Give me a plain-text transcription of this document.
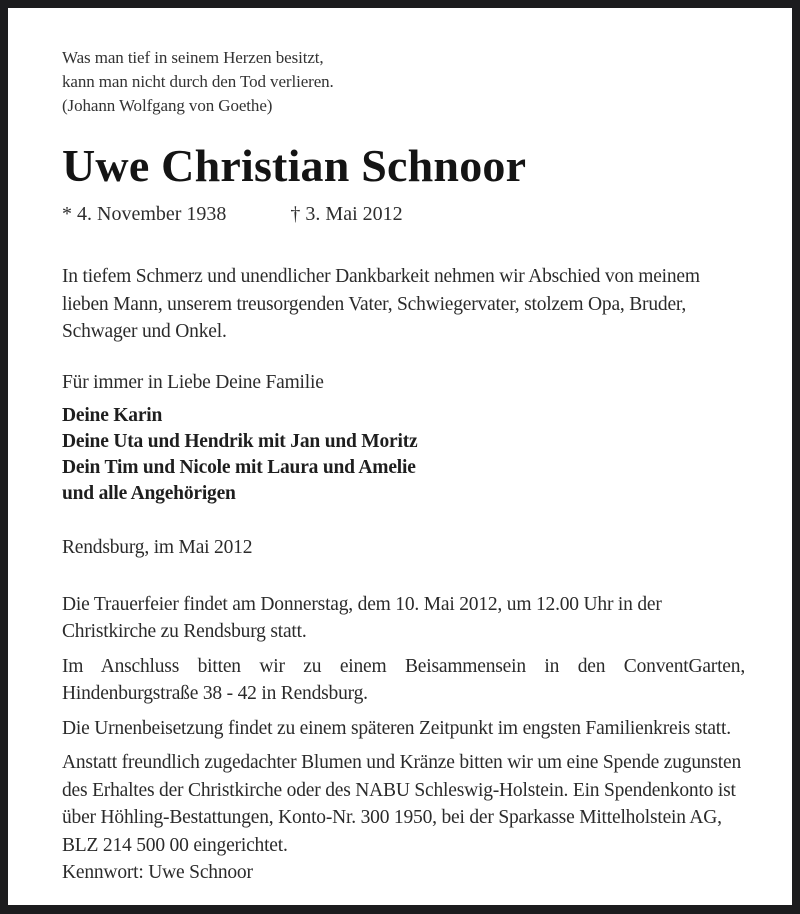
Was man tief in seinem Herzen besitzt,
kann man nicht durch den Tod verlieren.
(Johann Wolfgang von Goethe)
Uwe Christian Schnoor
* 4. November 1938	† 3. Mai 2012

In tiefem Schmerz und unendlicher Dankbarkeit nehmen wir Abschied von meinem lieben Mann, unserem treusorgenden Vater, Schwiegervater, stolzem Opa, Bruder, Schwager und Onkel.

Für immer in Liebe Deine Familie

Deine Karin
Deine Uta und Hendrik mit Jan und Moritz
Dein Tim und Nicole mit Laura und Amelie
und alle Angehörigen

Rendsburg, im Mai 2012

Die Trauerfeier findet am Donnerstag, dem 10. Mai 2012, um 12.00 Uhr in der Christkirche zu Rendsburg statt.

Im Anschluss bitten wir zu einem Beisammensein in den ConventGarten, Hindenburgstraße 38 - 42 in Rendsburg.

Die Urnenbeisetzung findet zu einem späteren Zeitpunkt im engsten Familienkreis statt.

Anstatt freundlich zugedachter Blumen und Kränze bitten wir um eine Spende zugunsten des Erhaltes der Christkirche oder des NABU Schleswig-Holstein. Ein Spendenkonto ist über Höhling-Bestattungen, Konto-Nr. 300 1950, bei der Sparkasse Mittelholstein AG, BLZ 214 500 00 eingerichtet.

Kennwort: Uwe Schnoor
